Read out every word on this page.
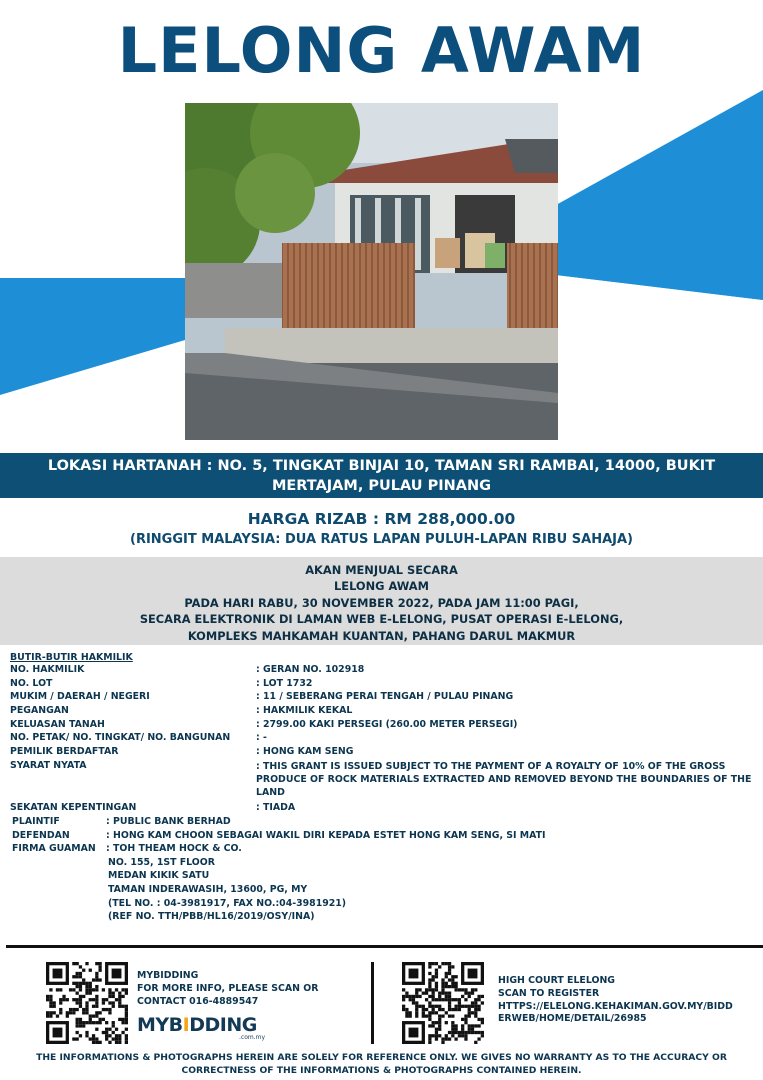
LELONG AWAM
LOKASI HARTANAH : NO. 5, TINGKAT BINJAI 10, TAMAN SRI RAMBAI, 14000, BUKIT MERTAJAM, PULAU PINANG
HARGA RIZAB : RM 288,000.00
(RINGGIT MALAYSIA: DUA RATUS LAPAN PULUH-LAPAN RIBU SAHAJA)
AKAN MENJUAL SECARA
LELONG AWAM
PADA HARI RABU, 30 NOVEMBER 2022, PADA JAM 11:00 PAGI,
SECARA ELEKTRONIK DI LAMAN WEB E-LELONG, PUSAT OPERASI E-LELONG,
KOMPLEKS MAHKAMAH KUANTAN, PAHANG DARUL MAKMUR
BUTIR-BUTIR HAKMILIK
NO. HAKMILIK	: GERAN NO. 102918
NO. LOT	: LOT 1732
MUKIM / DAERAH / NEGERI	: 11 / SEBERANG PERAI TENGAH / PULAU PINANG
PEGANGAN	: HAKMILIK KEKAL
KELUASAN TANAH	: 2799.00 KAKI PERSEGI (260.00 METER PERSEGI)
NO. PETAK/ NO. TINGKAT/ NO. BANGUNAN	: -
PEMILIK BERDAFTAR	: HONG KAM SENG
SYARAT NYATA	: THIS GRANT IS ISSUED SUBJECT TO THE PAYMENT OF A ROYALTY OF 10% OF THE GROSS PRODUCE OF ROCK MATERIALS EXTRACTED AND REMOVED BEYOND THE BOUNDARIES OF THE LAND
SEKATAN KEPENTINGAN	: TIADA
PLAINTIF	: PUBLIC BANK BERHAD
DEFENDAN	: HONG KAM CHOON SEBAGAI WAKIL DIRI KEPADA ESTET HONG KAM SENG, SI MATI
FIRMA GUAMAN : TOH THEAM HOCK & CO.
NO. 155, 1ST FLOOR
MEDAN KIKIK SATU
TAMAN INDERAWASIH, 13600, PG, MY
(TEL NO. : 04-3981917, FAX NO.:04-3981921)
(REF NO. TTH/PBB/HL16/2019/OSY/INA)
MYBIDDING
FOR MORE INFO, PLEASE SCAN OR
CONTACT 016-4889547
MYBIDDING
.com.my
HIGH COURT ELELONG
SCAN TO REGISTER
HTTPS://ELELONG.KEHAKIMAN.GOV.MY/BIDD
ERWEB/HOME/DETAIL/26985
THE INFORMATIONS & PHOTOGRAPHS HEREIN ARE SOLELY FOR REFERENCE ONLY. WE GIVES NO WARRANTY AS TO THE ACCURACY OR CORRECTNESS OF THE INFORMATIONS & PHOTOGRAPHS CONTAINED HEREIN.
